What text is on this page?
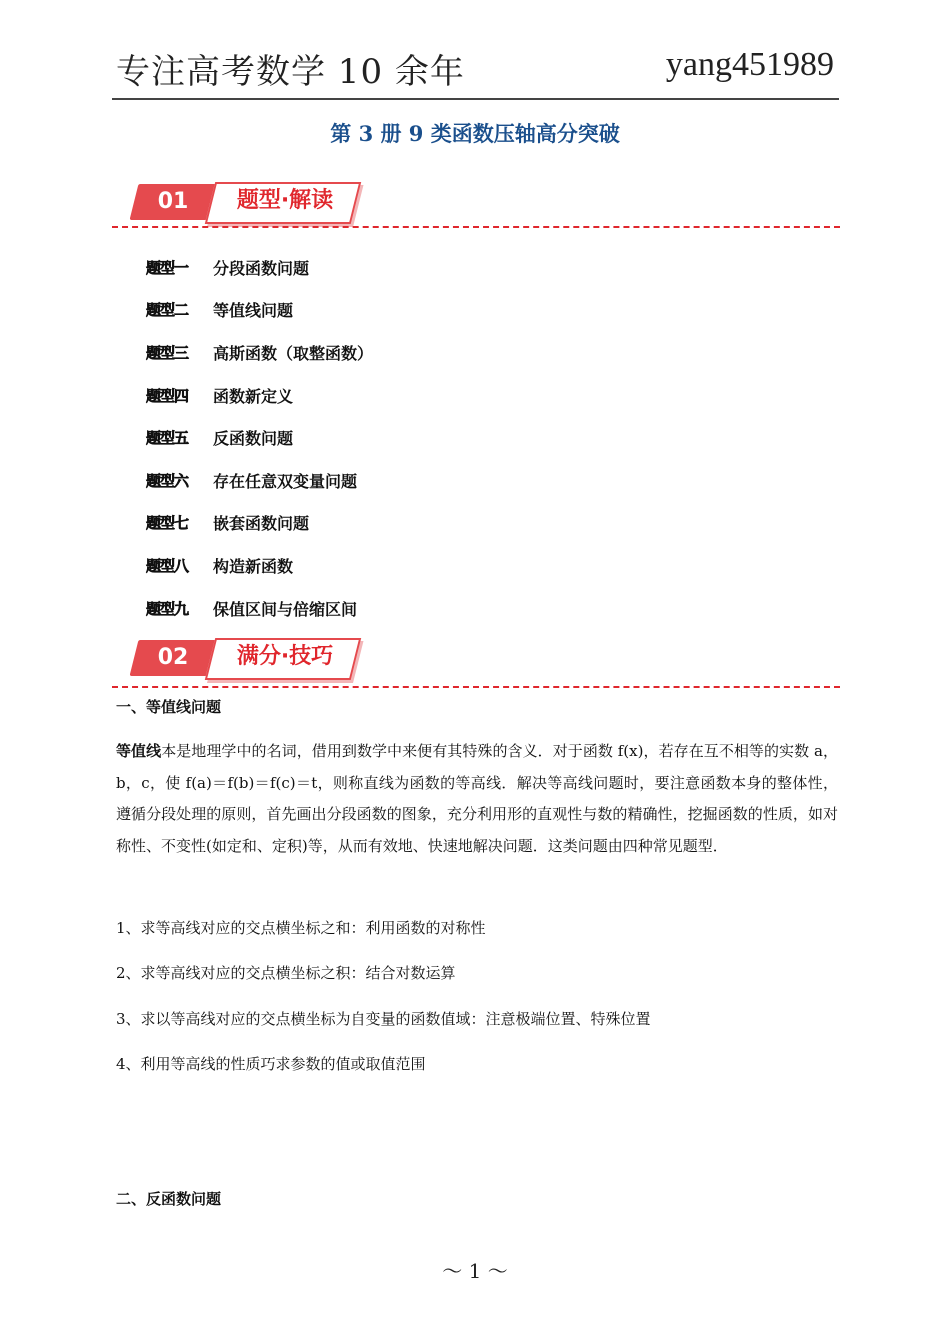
专注高考数学 10 余年	yang451989
第 3 册 9 类函数压轴高分突破
01	题型·解读
题型一	分段函数问题
题型二	等值线问题
题型三	高斯函数（取整函数）
题型四	函数新定义
题型五	反函数问题
题型六	存在任意双变量问题
题型七	嵌套函数问题
题型八	构造新函数
题型九	保值区间与倍缩区间
02	满分·技巧
一、等值线问题

等值线本是地理学中的名词，借用到数学中来便有其特殊的含义．对于函数 f(x)，若存在互不相等的实数 a，b，c，使 f(a)＝f(b)＝f(c)＝t，则称直线为函数的等高线．解决等高线问题时，要注意函数本身的整体性，遵循分段处理的原则，首先画出分段函数的图象，充分利用形的直观性与数的精确性，挖掘函数的性质，如对称性、不变性(如定和、定积)等，从而有效地、快速地解决问题．这类问题由四种常见题型．

1、求等高线对应的交点横坐标之和：利用函数的对称性
2、求等高线对应的交点横坐标之积：结合对数运算
3、求以等高线对应的交点横坐标为自变量的函数值域：注意极端位置、特殊位置
4、利用等高线的性质巧求参数的值或取值范围
二、反函数问题
～ 1 ～
